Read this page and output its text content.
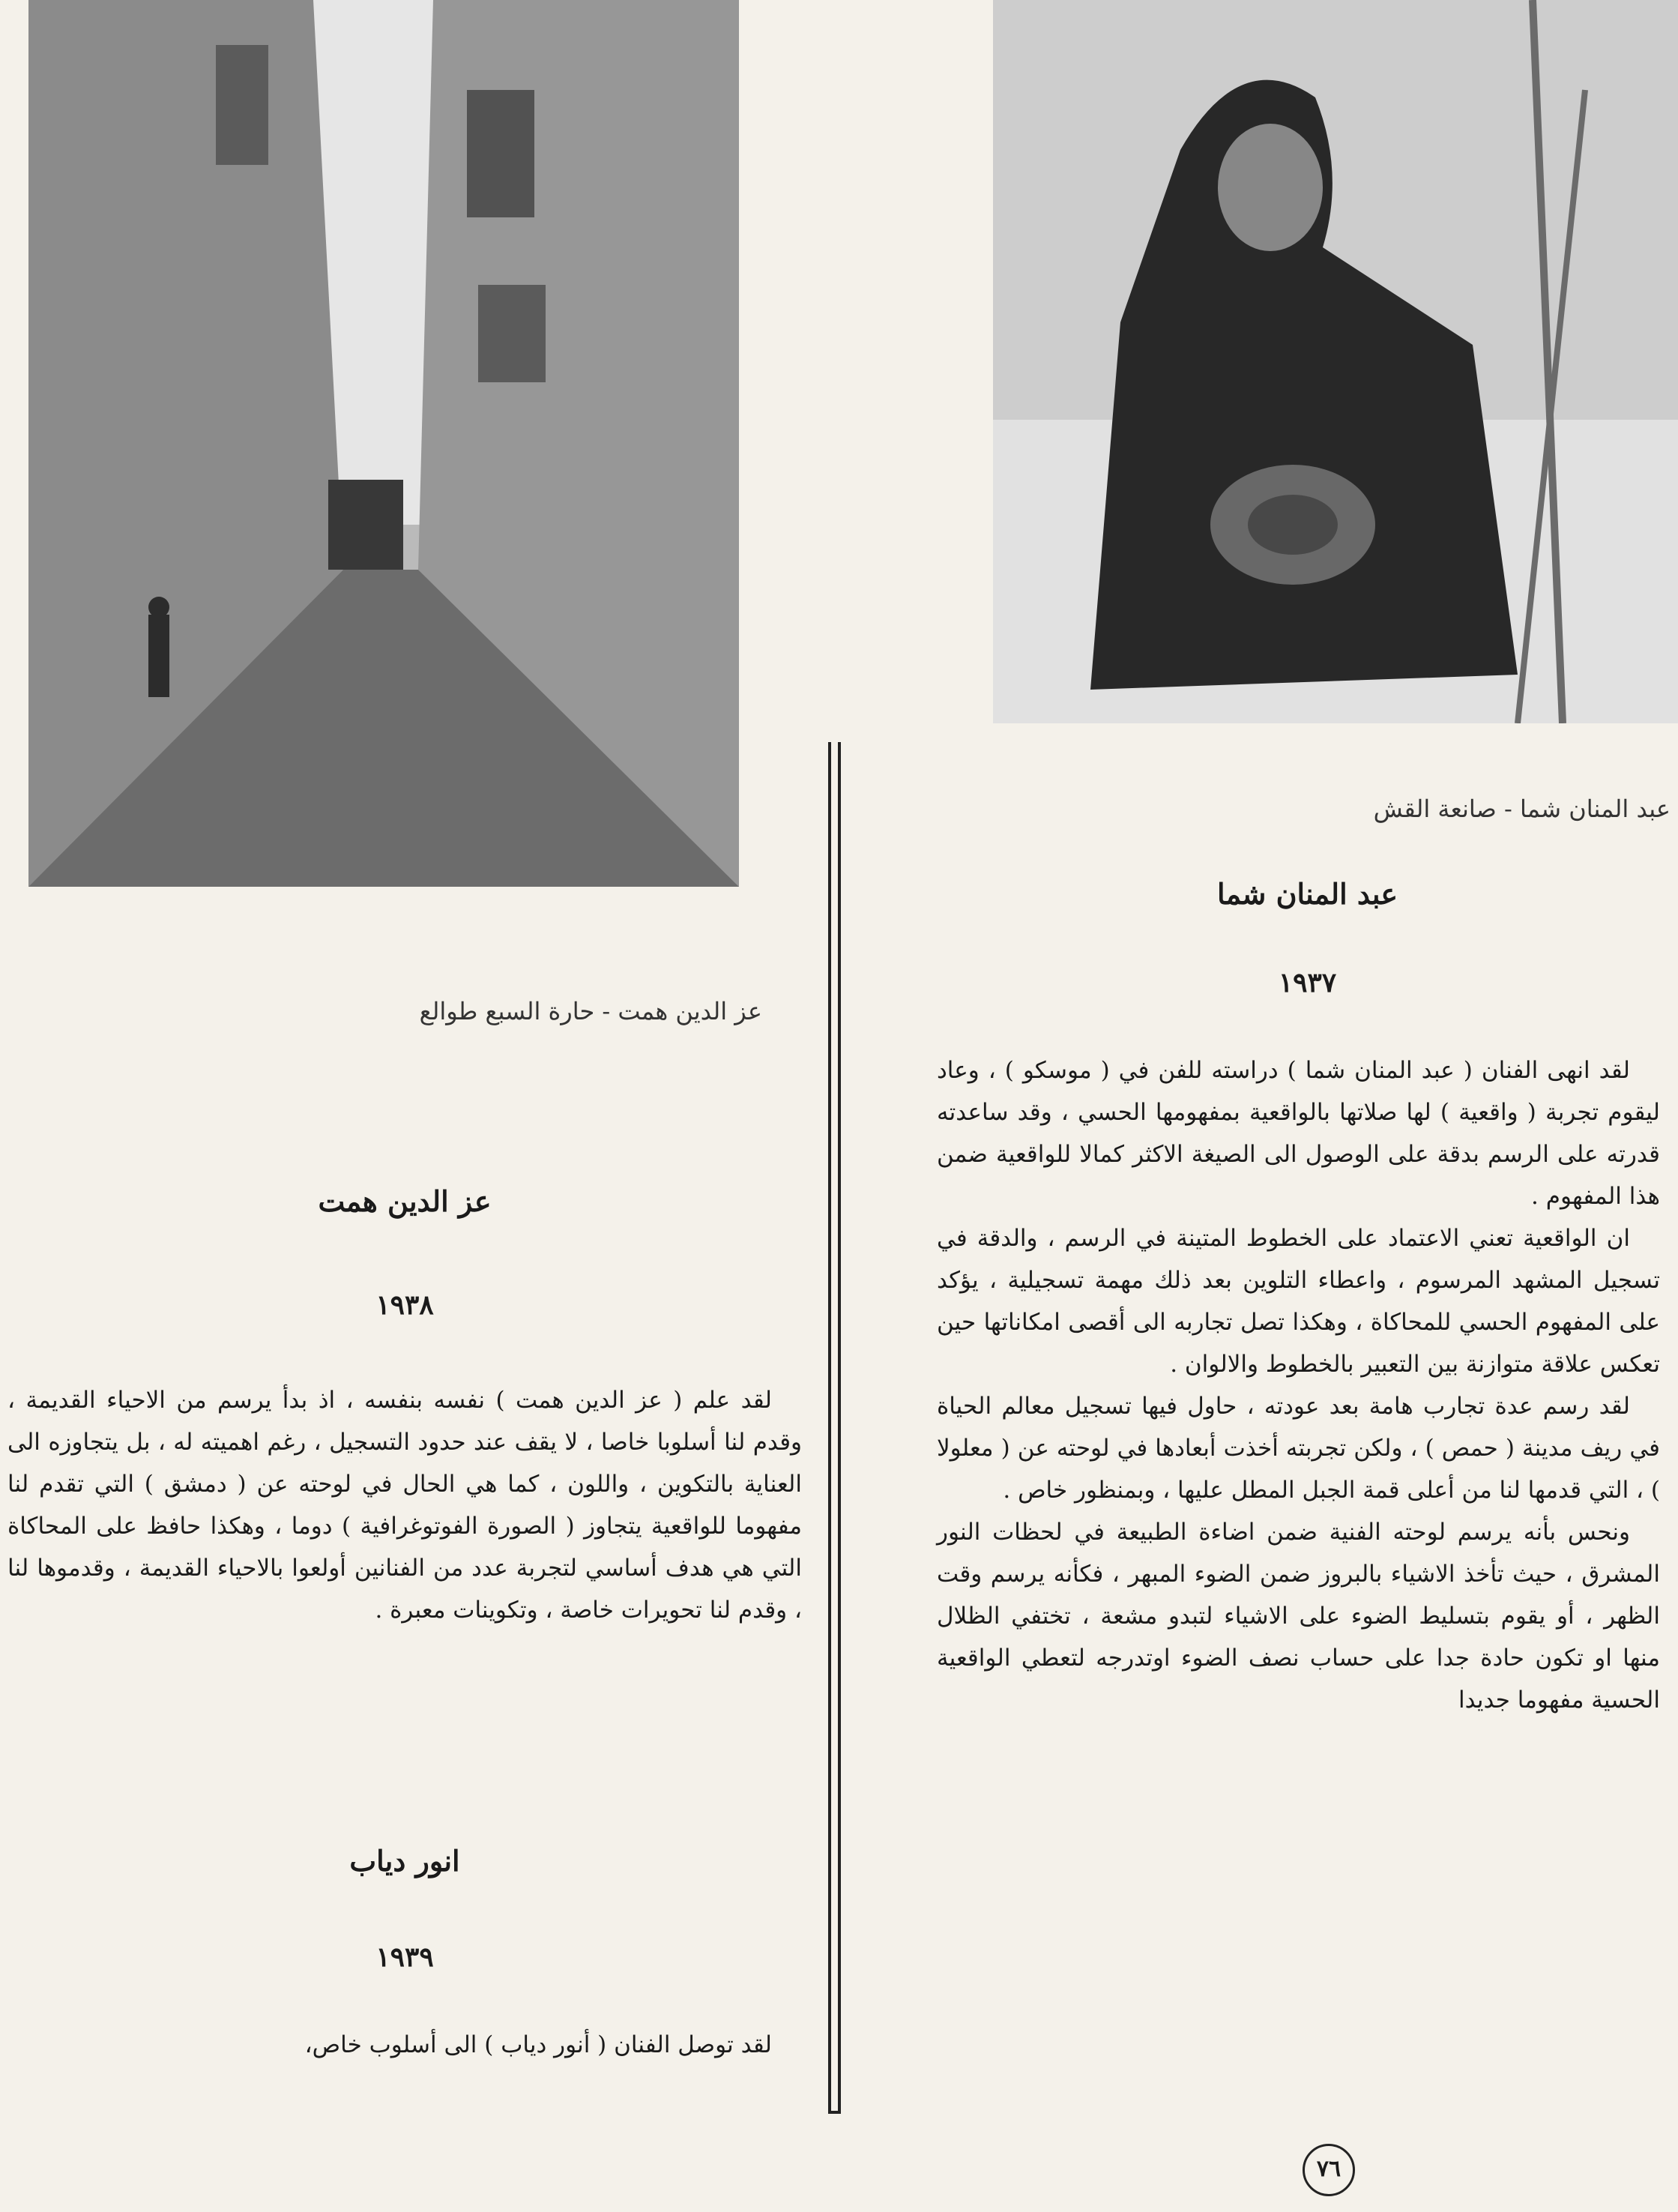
عبد المنان شما - صانعة القش
عبد المنان شما
١٩٣٧

لقد انهى الفنان ( عبد المنان شما ) دراسته للفن في ( موسكو ) ، وعاد ليقوم تجربة ( واقعية ) لها صلاتها بالواقعية بمفهومها الحسي ، وقد ساعدته قدرته على الرسم بدقة على الوصول الى الصيغة الاكثر كمالا للواقعية ضمن هذا المفهوم .

ان الواقعية تعني الاعتماد على الخطوط المتينة في الرسم ، والدقة في تسجيل المشهد المرسوم ، واعطاء التلوين بعد ذلك مهمة تسجيلية ، يؤكد على المفهوم الحسي للمحاكاة ، وهكذا تصل تجاربه الى أقصى امكاناتها حين تعكس علاقة متوازنة بين التعبير بالخطوط والالوان .

لقد رسم عدة تجارب هامة بعد عودته ، حاول فيها تسجيل معالم الحياة في ريف مدينة ( حمص ) ، ولكن تجربته أخذت أبعادها في لوحته عن ( معلولا ) ، التي قدمها لنا من أعلى قمة الجبل المطل عليها ، وبمنظور خاص .

ونحس بأنه يرسم لوحته الفنية ضمن اضاءة الطبيعة في لحظات النور المشرق ، حيث تأخذ الاشياء بالبروز ضمن الضوء المبهر ، فكأنه يرسم وقت الظهر ، أو يقوم بتسليط الضوء على الاشياء لتبدو مشعة ، تختفي الظلال منها او تكون حادة جدا على حساب نصف الضوء اوتدرجه لتعطي الواقعية الحسية مفهوما جديدا

عز الدين همت - حارة السبع طوالع
عز الدين همت
١٩٣٨

لقد علم ( عز الدين همت ) نفسه بنفسه ، اذ بدأ يرسم من الاحياء القديمة ، وقدم لنا أسلوبا خاصا ، لا يقف عند حدود التسجيل ، رغم اهميته له ، بل يتجاوزه الى العناية بالتكوين ، واللون ، كما هي الحال في لوحته عن ( دمشق ) التي تقدم لنا مفهوما للواقعية يتجاوز ( الصورة الفوتوغرافية ) دوما ، وهكذا حافظ على المحاكاة التي هي هدف أساسي لتجربة عدد من الفنانين أولعوا بالاحياء القديمة ، وقدموها لنا ، وقدم لنا تحويرات خاصة ، وتكوينات معبرة .

انور دياب
١٩٣٩

لقد توصل الفنان ( أنور دياب ) الى أسلوب خاص،

٧٦
